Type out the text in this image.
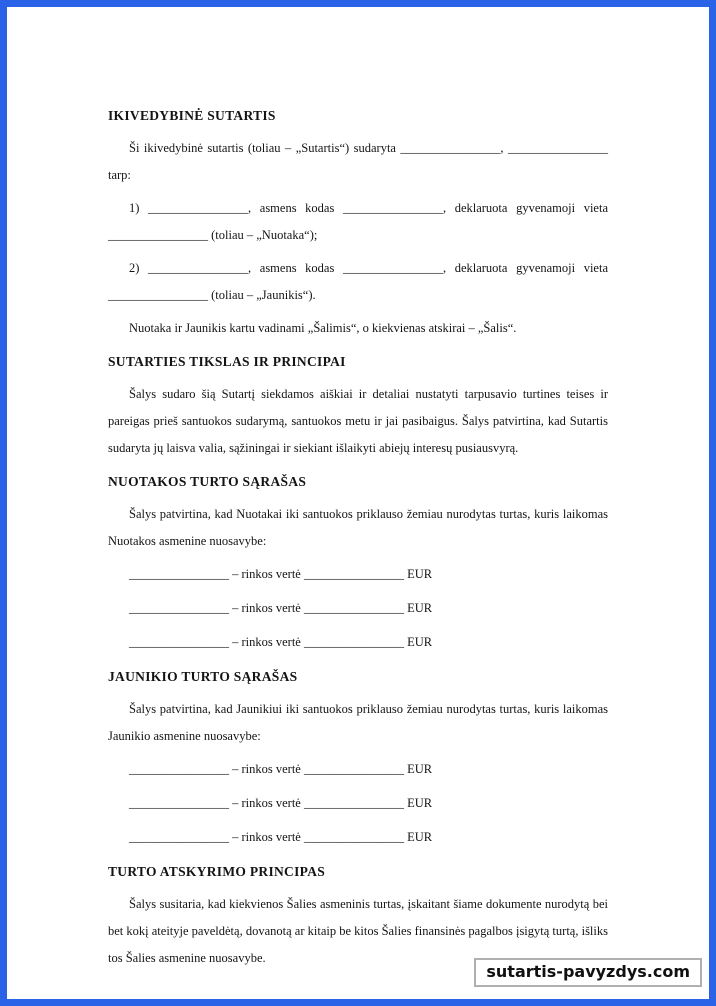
IKIVEDYBINĖ SUTARTIS

Ši ikivedybinė sutartis (toliau – „Sutartis“) sudaryta ________________, ________________ tarp:

1) ________________, asmens kodas ________________, deklaruota gyvenamoji vieta ________________ (toliau – „Nuotaka“);

2) ________________, asmens kodas ________________, deklaruota gyvenamoji vieta ________________ (toliau – „Jaunikis“).

Nuotaka ir Jaunikis kartu vadinami „Šalimis“, o kiekvienas atskirai – „Šalis“.

SUTARTIES TIKSLAS IR PRINCIPAI

Šalys sudaro šią Sutartį siekdamos aiškiai ir detaliai nustatyti tarpusavio turtines teises ir pareigas prieš santuokos sudarymą, santuokos metu ir jai pasibaigus. Šalys patvirtina, kad Sutartis sudaryta jų laisva valia, sąžiningai ir siekiant išlaikyti abiejų interesų pusiausvyrą.

NUOTAKOS TURTO SĄRAŠAS

Šalys patvirtina, kad Nuotakai iki santuokos priklauso žemiau nurodytas turtas, kuris laikomas Nuotakos asmenine nuosavybe:

________________ – rinkos vertė ________________ EUR

________________ – rinkos vertė ________________ EUR

________________ – rinkos vertė ________________ EUR

JAUNIKIO TURTO SĄRAŠAS

Šalys patvirtina, kad Jaunikiui iki santuokos priklauso žemiau nurodytas turtas, kuris laikomas Jaunikio asmenine nuosavybe:

________________ – rinkos vertė ________________ EUR

________________ – rinkos vertė ________________ EUR

________________ – rinkos vertė ________________ EUR

TURTO ATSKYRIMO PRINCIPAS

Šalys susitaria, kad kiekvienos Šalies asmeninis turtas, įskaitant šiame dokumente nurodytą bei bet kokį ateityje paveldėtą, dovanotą ar kitaip be kitos Šalies finansinės pagalbos įsigytą turtą, išliks tos Šalies asmenine nuosavybe.

sutartis-pavyzdys.com
